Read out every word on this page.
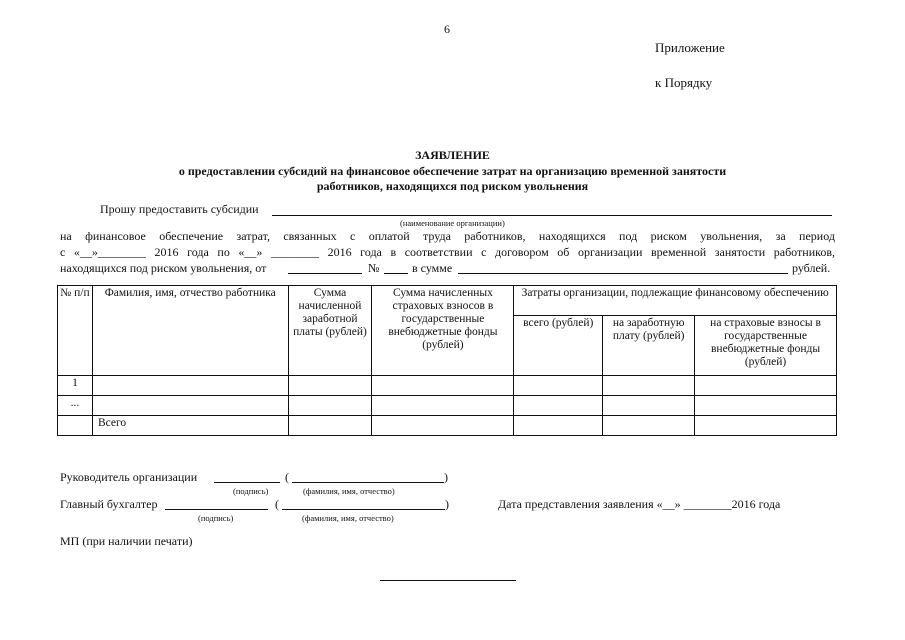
6
Приложение
к Порядку
ЗАЯВЛЕНИЕ
о предоставлении субсидий на финансовое обеспечение затрат на организацию временной занятости
работников, находящихся под риском увольнения
Прошу предоставить субсидии
(наименование организации)
на финансовое обеспечение затрат, связанных с оплатой труда работников, находящихся под риском увольнения, за период
с «__»________ 2016 года по «__» ________ 2016 года в соответствии с договором об организации временной занятости работников,
находящихся под риском увольнения, от	№	в сумме	рублей.
№ п/п	Фамилия, имя, отчество работника	Сумма начисленной заработной платы (рублей)	Сумма начисленных страховых взносов в государственные внебюджетные фонды (рублей)	Затраты организации, подлежащие финансовому обеспечению		
				всего (рублей)	на заработную плату (рублей)	на страховые взносы в государственные внебюджетные фонды (рублей)
1						
...						
	Всего					
Руководитель организации	(	)
(подпись)	(фамилия, имя, отчество)
Главный бухгалтер	(	)
(подпись)	(фамилия, имя, отчество)
Дата представления заявления «__» ________2016 года
МП (при наличии печати)
